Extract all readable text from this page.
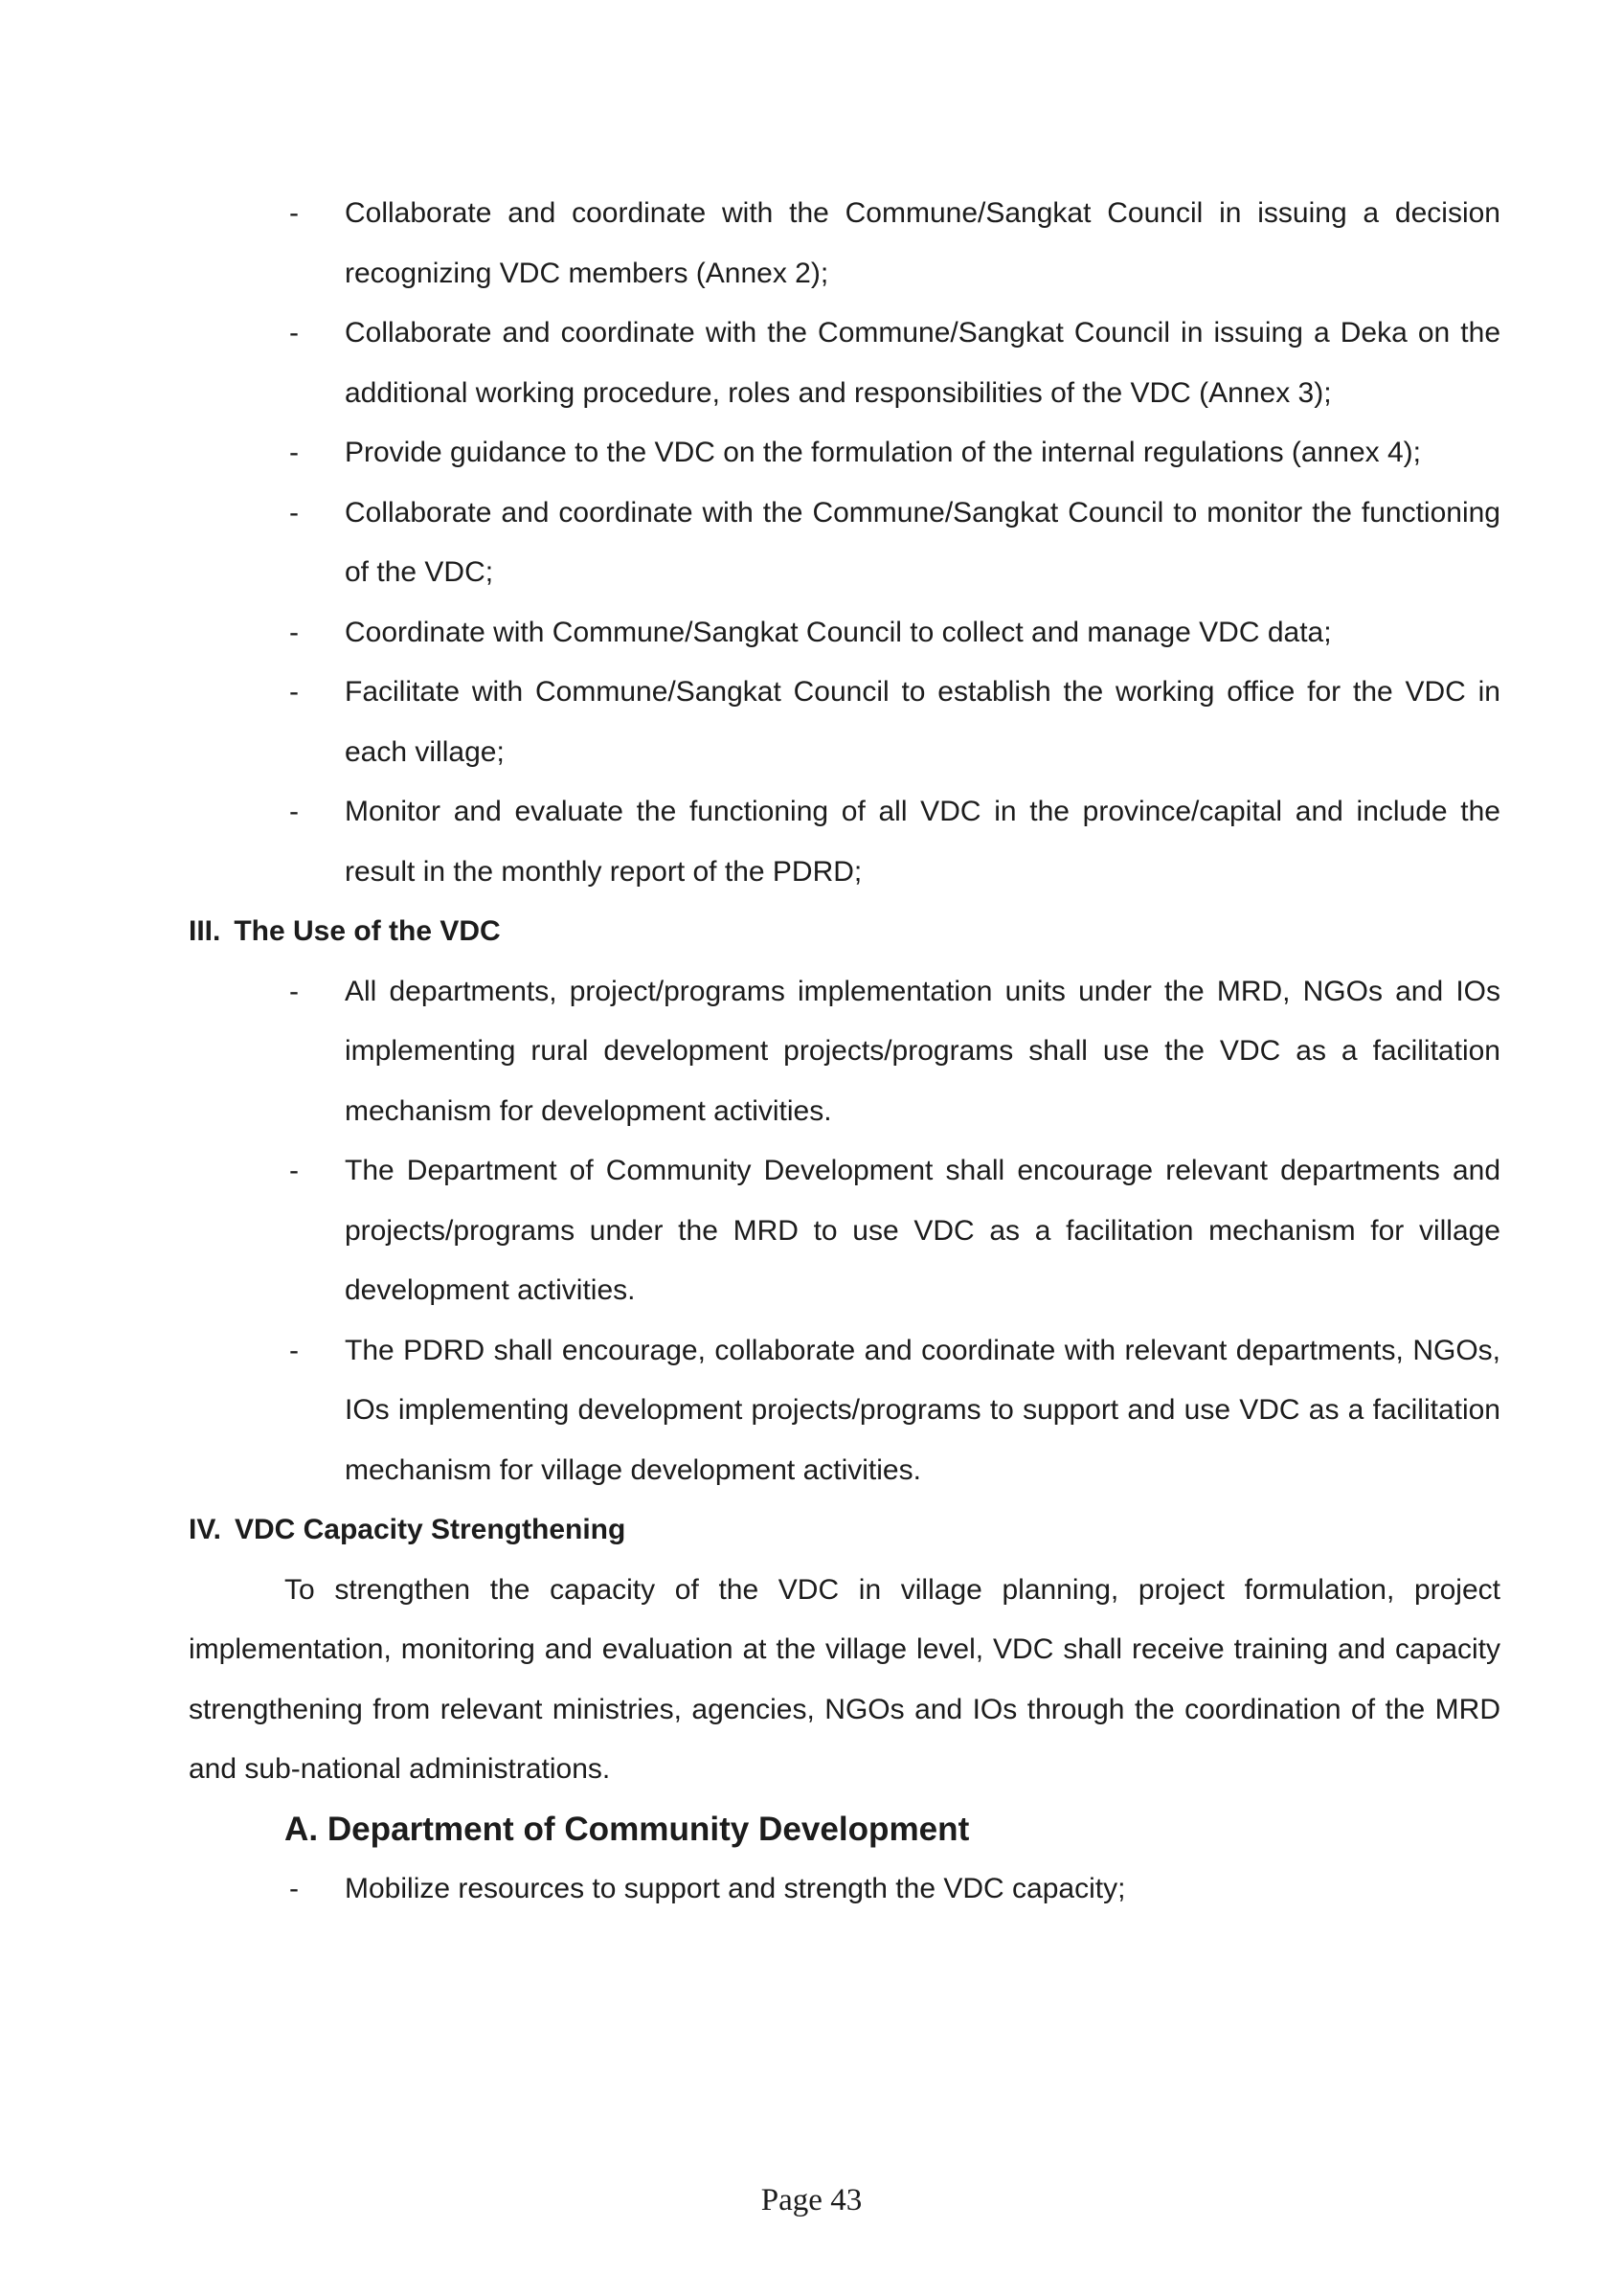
-	Collaborate and coordinate with the Commune/Sangkat Council in issuing a decision recognizing VDC members (Annex 2);

-	Collaborate and coordinate with the Commune/Sangkat Council in issuing a Deka on the additional working procedure, roles and responsibilities of the VDC (Annex 3);

-	Provide guidance to the VDC on the formulation of the internal regulations (annex 4);

-	Collaborate and coordinate with the Commune/Sangkat Council to monitor the functioning of the VDC;

-	Coordinate with Commune/Sangkat Council to collect and manage VDC data;

-	Facilitate with Commune/Sangkat Council to establish the working office for the VDC in each village;

-	Monitor and evaluate the functioning of all VDC in the province/capital and include the result in the monthly report of the PDRD;

III. The Use of the VDC
-	All departments, project/programs implementation units under the MRD, NGOs and IOs implementing rural development projects/programs shall use the VDC as a facilitation mechanism for development activities.

-	The Department of Community Development shall encourage relevant departments and projects/programs under the MRD to use VDC as a facilitation mechanism for village development activities.

-	The PDRD shall encourage, collaborate and coordinate with relevant departments, NGOs, IOs implementing development projects/programs to support and use VDC as a facilitation mechanism for village development activities.

IV. VDC Capacity Strengthening

To strengthen the capacity of the VDC in village planning, project formulation, project implementation, monitoring and evaluation at the village level, VDC shall receive training and capacity strengthening from relevant ministries, agencies, NGOs and IOs through the coordination of the MRD and sub-national administrations.

A. Department of Community Development
-	Mobilize resources to support and strength the VDC capacity;

Page 43
